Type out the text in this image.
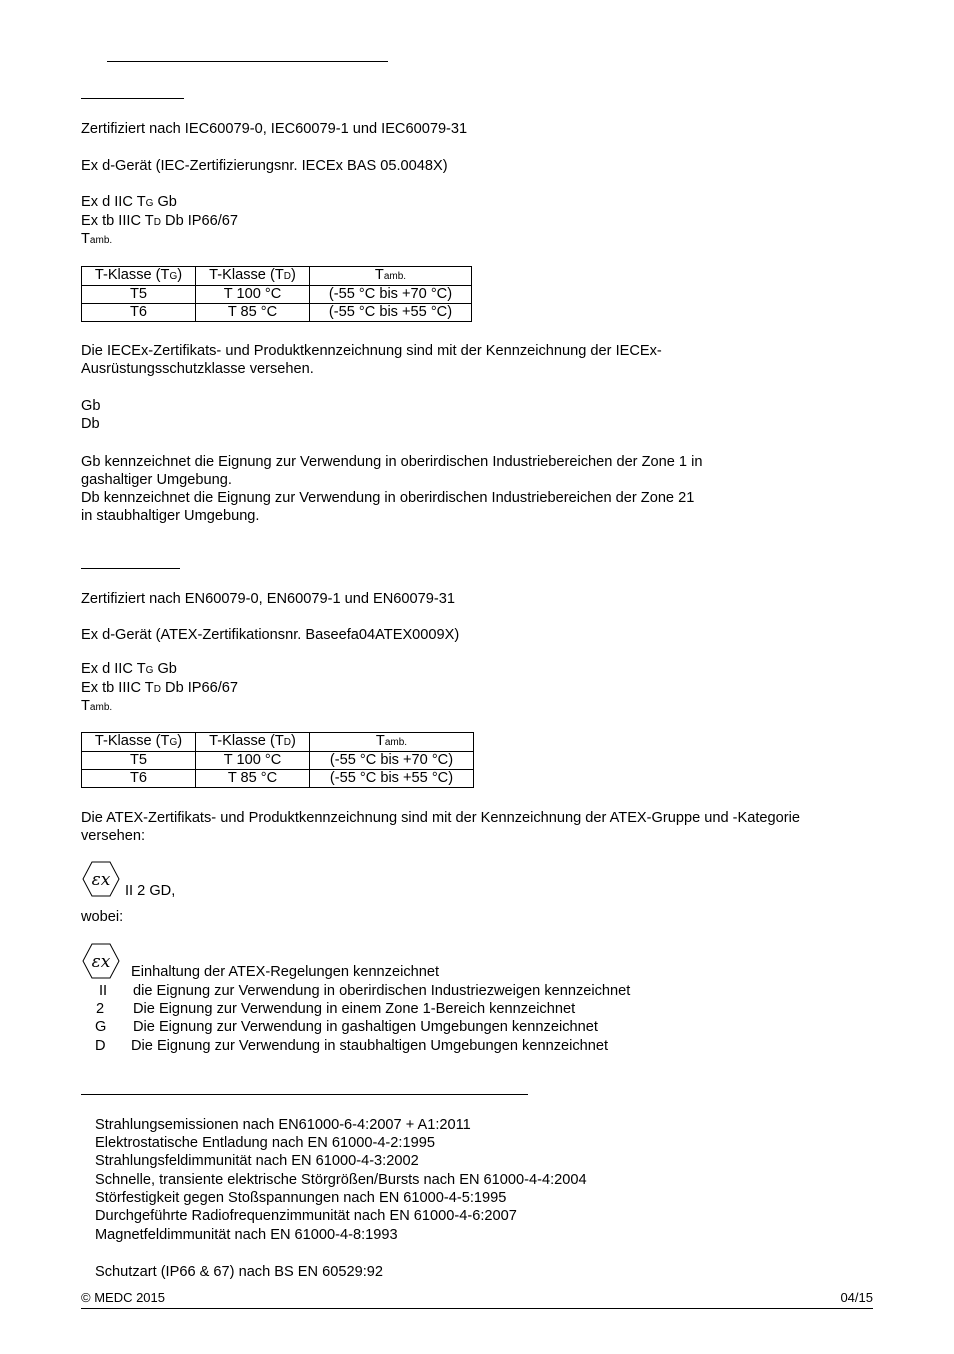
Zertifiziert nach IEC60079-0, IEC60079-1 und IEC60079-31
Ex d-Gerät (IEC-Zertifizierungsnr. IECEx BAS 05.0048X)
Ex d IIC TG Gb
Ex tb IIIC TD Db IP66/67
Tamb.
T-Klasse (TG)	T-Klasse (TD)	Tamb.
T5	T 100 °C	(-55 °C bis +70 °C)
T6	T 85 °C	(-55 °C bis +55 °C)
Die IECEx-Zertifikats- und Produktkennzeichnung sind mit der Kennzeichnung der IECEx-
Ausrüstungsschutzklasse versehen.
Gb
Db
Gb kennzeichnet die Eignung zur Verwendung in oberirdischen Industriebereichen der Zone 1 in
gashaltiger Umgebung.
Db kennzeichnet die Eignung zur Verwendung in oberirdischen Industriebereichen der Zone 21
in staubhaltiger Umgebung.
Zertifiziert nach EN60079-0, EN60079-1 und EN60079-31
Ex d-Gerät (ATEX-Zertifikationsnr. Baseefa04ATEX0009X)
Ex d IIC TG Gb
Ex tb IIIC TD Db IP66/67
Tamb.
T-Klasse (TG)	T-Klasse (TD)	Tamb.
T5	T 100 °C	(-55 °C bis +70 °C)
T6	T 85 °C	(-55 °C bis +55 °C)
Die ATEX-Zertifikats- und Produktkennzeichnung sind mit der Kennzeichnung der ATEX-Gruppe und -Kategorie
versehen:
εx
II 2 GD,
wobei:
εx Einhaltung der ATEX-Regelungen kennzeichnet
II die Eignung zur Verwendung in oberirdischen Industriezweigen kennzeichnet
2 Die Eignung zur Verwendung in einem Zone 1-Bereich kennzeichnet
G Die Eignung zur Verwendung in gashaltigen Umgebungen kennzeichnet
D Die Eignung zur Verwendung in staubhaltigen Umgebungen kennzeichnet
Strahlungsemissionen nach EN61000-6-4:2007 + A1:2011
Elektrostatische Entladung nach EN 61000-4-2:1995
Strahlungsfeldimmunität nach EN 61000-4-3:2002
Schnelle, transiente elektrische Störgrößen/Bursts nach EN 61000-4-4:2004
Störfestigkeit gegen Stoßspannungen nach EN 61000-4-5:1995
Durchgeführte Radiofrequenzimmunität nach EN 61000-4-6:2007
Magnetfeldimmunität nach EN 61000-4-8:1993
Schutzart (IP66 & 67) nach BS EN 60529:92
© MEDC 2015	04/15
